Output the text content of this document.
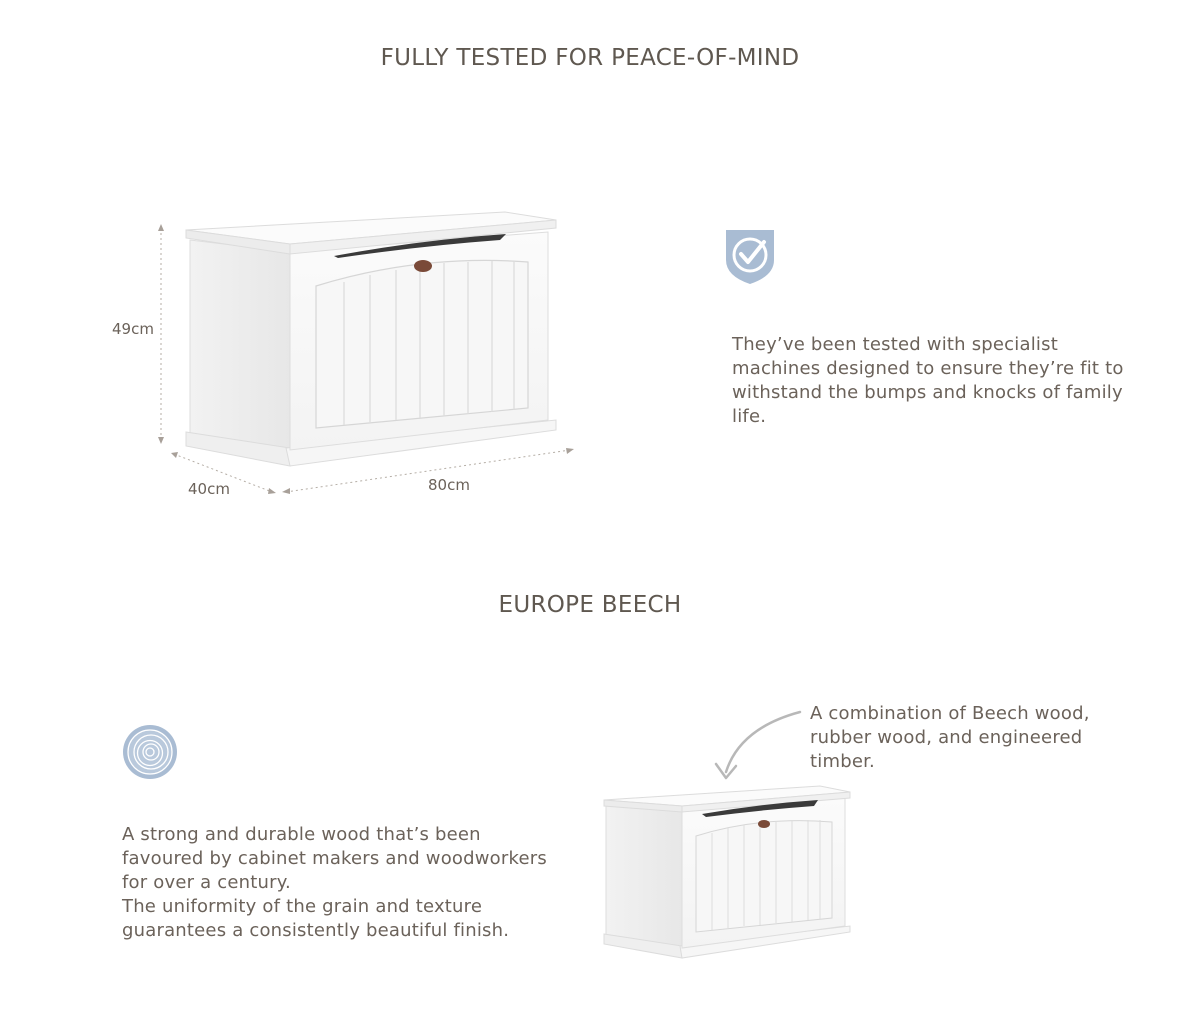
FULLY TESTED FOR PEACE-OF-MIND
EUROPE BEECH
49cm
40cm	80cm

They’ve been tested with specialist machines designed to ensure they’re fit to withstand the bumps and knocks of family life.

A strong and durable wood that’s been favoured by cabinet makers and woodworkers for over a century.
The uniformity of the grain and texture guarantees a consistently beautiful finish.

A combination of Beech wood, rubber wood, and engineered timber.
